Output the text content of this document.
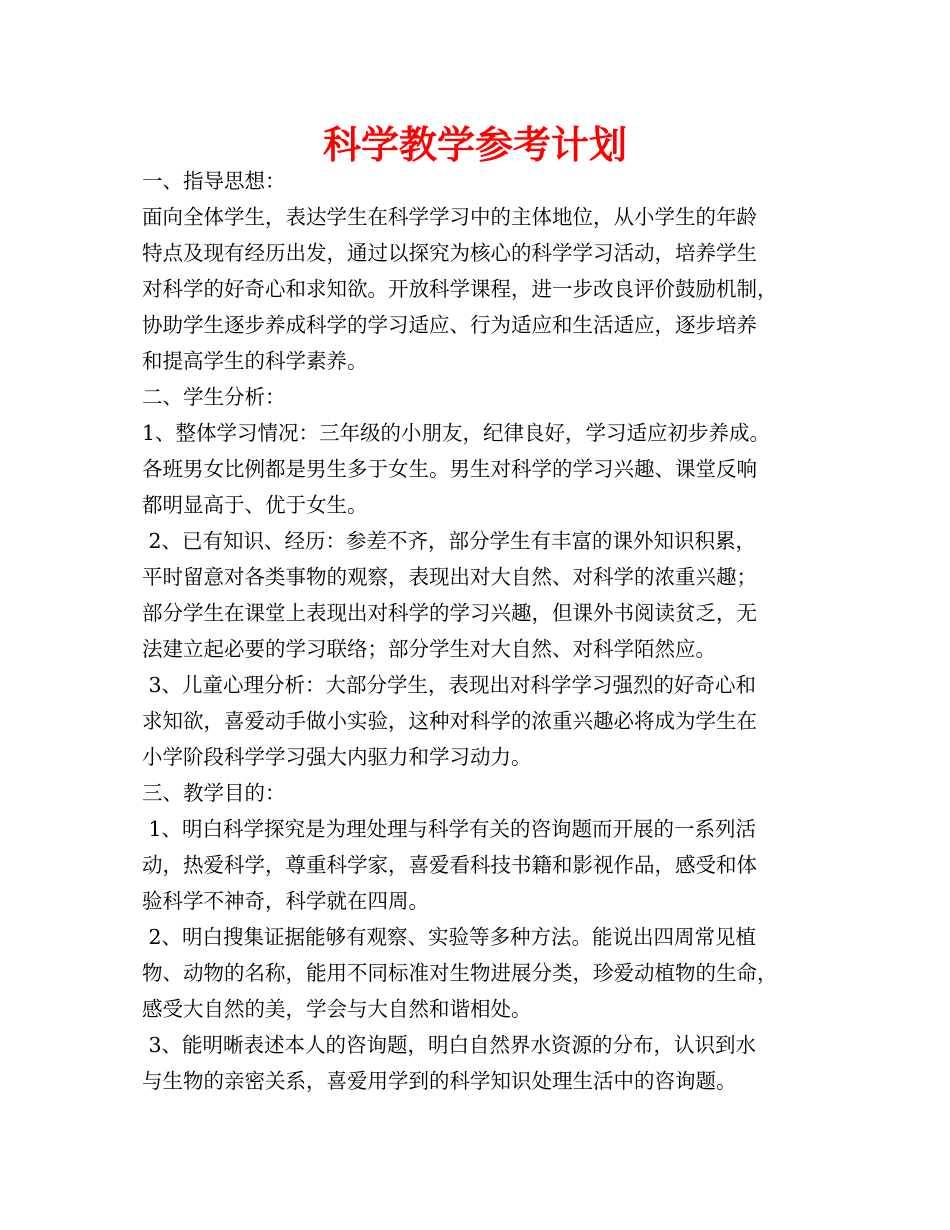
科学教学参考计划
一、指导思想：
面向全体学生，表达学生在科学学习中的主体地位，从小学生的年龄
特点及现有经历出发，通过以探究为核心的科学学习活动，培养学生
对科学的好奇心和求知欲。开放科学课程，进一步改良评价鼓励机制，
协助学生逐步养成科学的学习适应、行为适应和生活适应，逐步培养
和提高学生的科学素养。
二、学生分析：
1、整体学习情况：三年级的小朋友，纪律良好，学习适应初步养成。
各班男女比例都是男生多于女生。男生对科学的学习兴趣、课堂反响
都明显高于、优于女生。
2、已有知识、经历：参差不齐，部分学生有丰富的课外知识积累，
平时留意对各类事物的观察，表现出对大自然、对科学的浓重兴趣；
部分学生在课堂上表现出对科学的学习兴趣，但课外书阅读贫乏，无
法建立起必要的学习联络；部分学生对大自然、对科学陌然应。
3、儿童心理分析：大部分学生，表现出对科学学习强烈的好奇心和
求知欲，喜爱动手做小实验，这种对科学的浓重兴趣必将成为学生在
小学阶段科学学习强大内驱力和学习动力。
三、教学目的：
1、明白科学探究是为理处理与科学有关的咨询题而开展的一系列活
动，热爱科学，尊重科学家，喜爱看科技书籍和影视作品，感受和体
验科学不神奇，科学就在四周。
2、明白搜集证据能够有观察、实验等多种方法。能说出四周常见植
物、动物的名称，能用不同标准对生物进展分类，珍爱动植物的生命，
感受大自然的美，学会与大自然和谐相处。
3、能明晰表述本人的咨询题，明白自然界水资源的分布，认识到水
与生物的亲密关系，喜爱用学到的科学知识处理生活中的咨询题。
